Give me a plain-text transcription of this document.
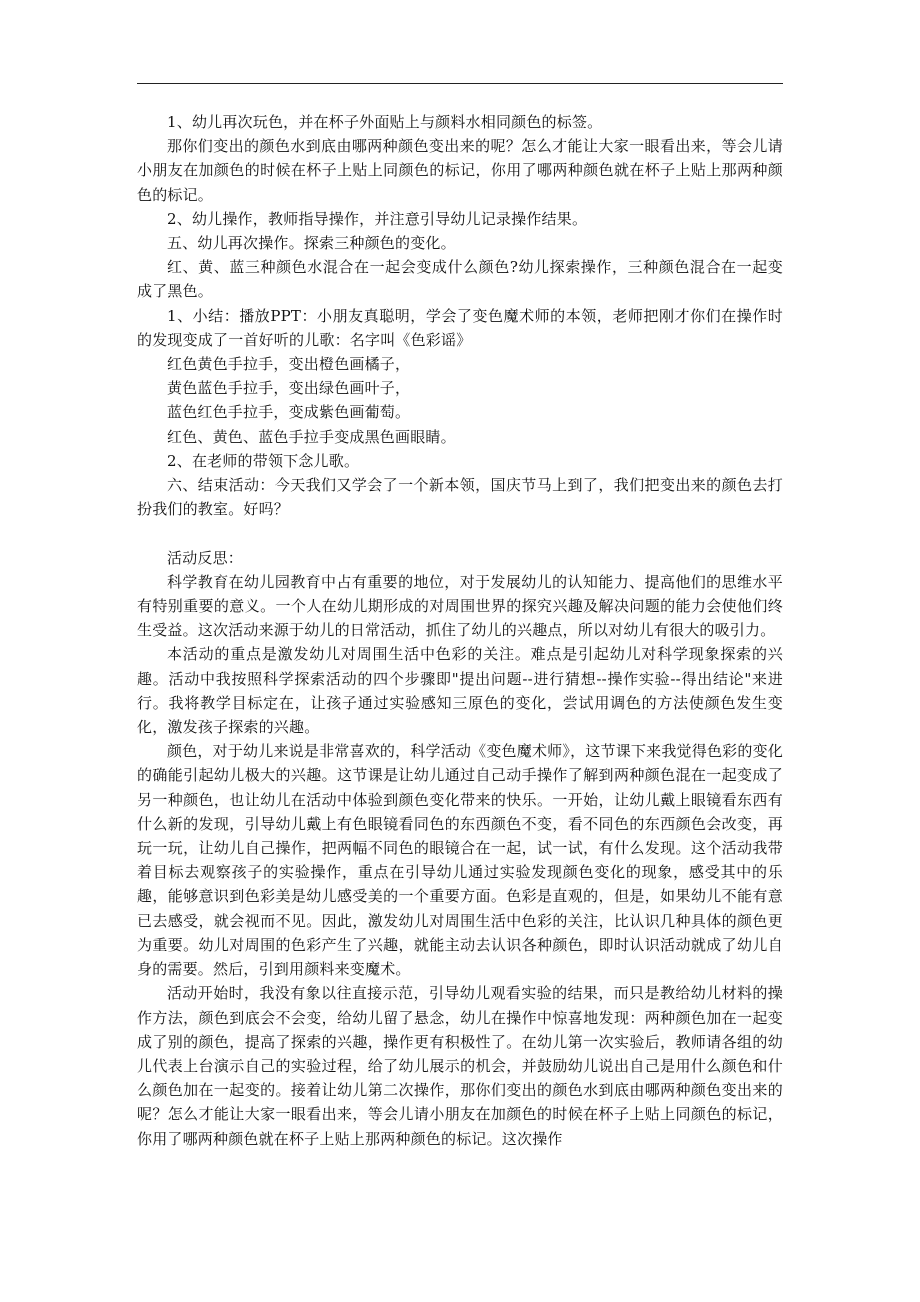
1、幼儿再次玩色，并在杯子外面贴上与颜料水相同颜色的标签。

那你们变出的颜色水到底由哪两种颜色变出来的呢？怎么才能让大家一眼看出来，等会儿请小朋友在加颜色的时候在杯子上贴上同颜色的标记，你用了哪两种颜色就在杯子上贴上那两种颜色的标记。

2、幼儿操作，教师指导操作，并注意引导幼儿记录操作结果。

五、幼儿再次操作。探索三种颜色的变化。

红、黄、蓝三种颜色水混合在一起会变成什么颜色?幼儿探索操作，三种颜色混合在一起变成了黑色。

1、小结：播放PPT：小朋友真聪明，学会了变色魔术师的本领，老师把刚才你们在操作时的发现变成了一首好听的儿歌：名字叫《色彩谣》

红色黄色手拉手，变出橙色画橘子，

黄色蓝色手拉手，变出绿色画叶子，

蓝色红色手拉手，变成紫色画葡萄。

红色、黄色、蓝色手拉手变成黑色画眼睛。

2、在老师的带领下念儿歌。

六、结束活动：今天我们又学会了一个新本领，国庆节马上到了，我们把变出来的颜色去打扮我们的教室。好吗？

活动反思：

科学教育在幼儿园教育中占有重要的地位，对于发展幼儿的认知能力、提高他们的思维水平有特别重要的意义。一个人在幼儿期形成的对周围世界的探究兴趣及解决问题的能力会使他们终生受益。这次活动来源于幼儿的日常活动，抓住了幼儿的兴趣点，所以对幼儿有很大的吸引力。

本活动的重点是激发幼儿对周围生活中色彩的关注。难点是引起幼儿对科学现象探索的兴趣。活动中我按照科学探索活动的四个步骤即"提出问题--进行猜想--操作实验--得出结论"来进行。我将教学目标定在，让孩子通过实验感知三原色的变化，尝试用调色的方法使颜色发生变化，激发孩子探索的兴趣。

颜色，对于幼儿来说是非常喜欢的，科学活动《变色魔术师》，这节课下来我觉得色彩的变化的确能引起幼儿极大的兴趣。这节课是让幼儿通过自己动手操作了解到两种颜色混在一起变成了另一种颜色，也让幼儿在活动中体验到颜色变化带来的快乐。一开始，让幼儿戴上眼镜看东西有什么新的发现，引导幼儿戴上有色眼镜看同色的东西颜色不变，看不同色的东西颜色会改变，再玩一玩，让幼儿自己操作，把两幅不同色的眼镜合在一起，试一试，有什么发现。这个活动我带着目标去观察孩子的实验操作，重点在引导幼儿通过实验发现颜色变化的现象，感受其中的乐趣，能够意识到色彩美是幼儿感受美的一个重要方面。色彩是直观的，但是，如果幼儿不能有意已去感受，就会视而不见。因此，激发幼儿对周围生活中色彩的关注，比认识几种具体的颜色更为重要。幼儿对周围的色彩产生了兴趣，就能主动去认识各种颜色，即时认识活动就成了幼儿自身的需要。然后，引到用颜料来变魔术。

活动开始时，我没有象以往直接示范，引导幼儿观看实验的结果，而只是教给幼儿材料的操作方法，颜色到底会不会变，给幼儿留了悬念，幼儿在操作中惊喜地发现：两种颜色加在一起变成了别的颜色，提高了探索的兴趣，操作更有积极性了。在幼儿第一次实验后，教师请各组的幼儿代表上台演示自己的实验过程，给了幼儿展示的机会，并鼓励幼儿说出自己是用什么颜色和什么颜色加在一起变的。接着让幼儿第二次操作，那你们变出的颜色水到底由哪两种颜色变出来的呢？怎么才能让大家一眼看出来，等会儿请小朋友在加颜色的时候在杯子上贴上同颜色的标记，你用了哪两种颜色就在杯子上贴上那两种颜色的标记。这次操作
